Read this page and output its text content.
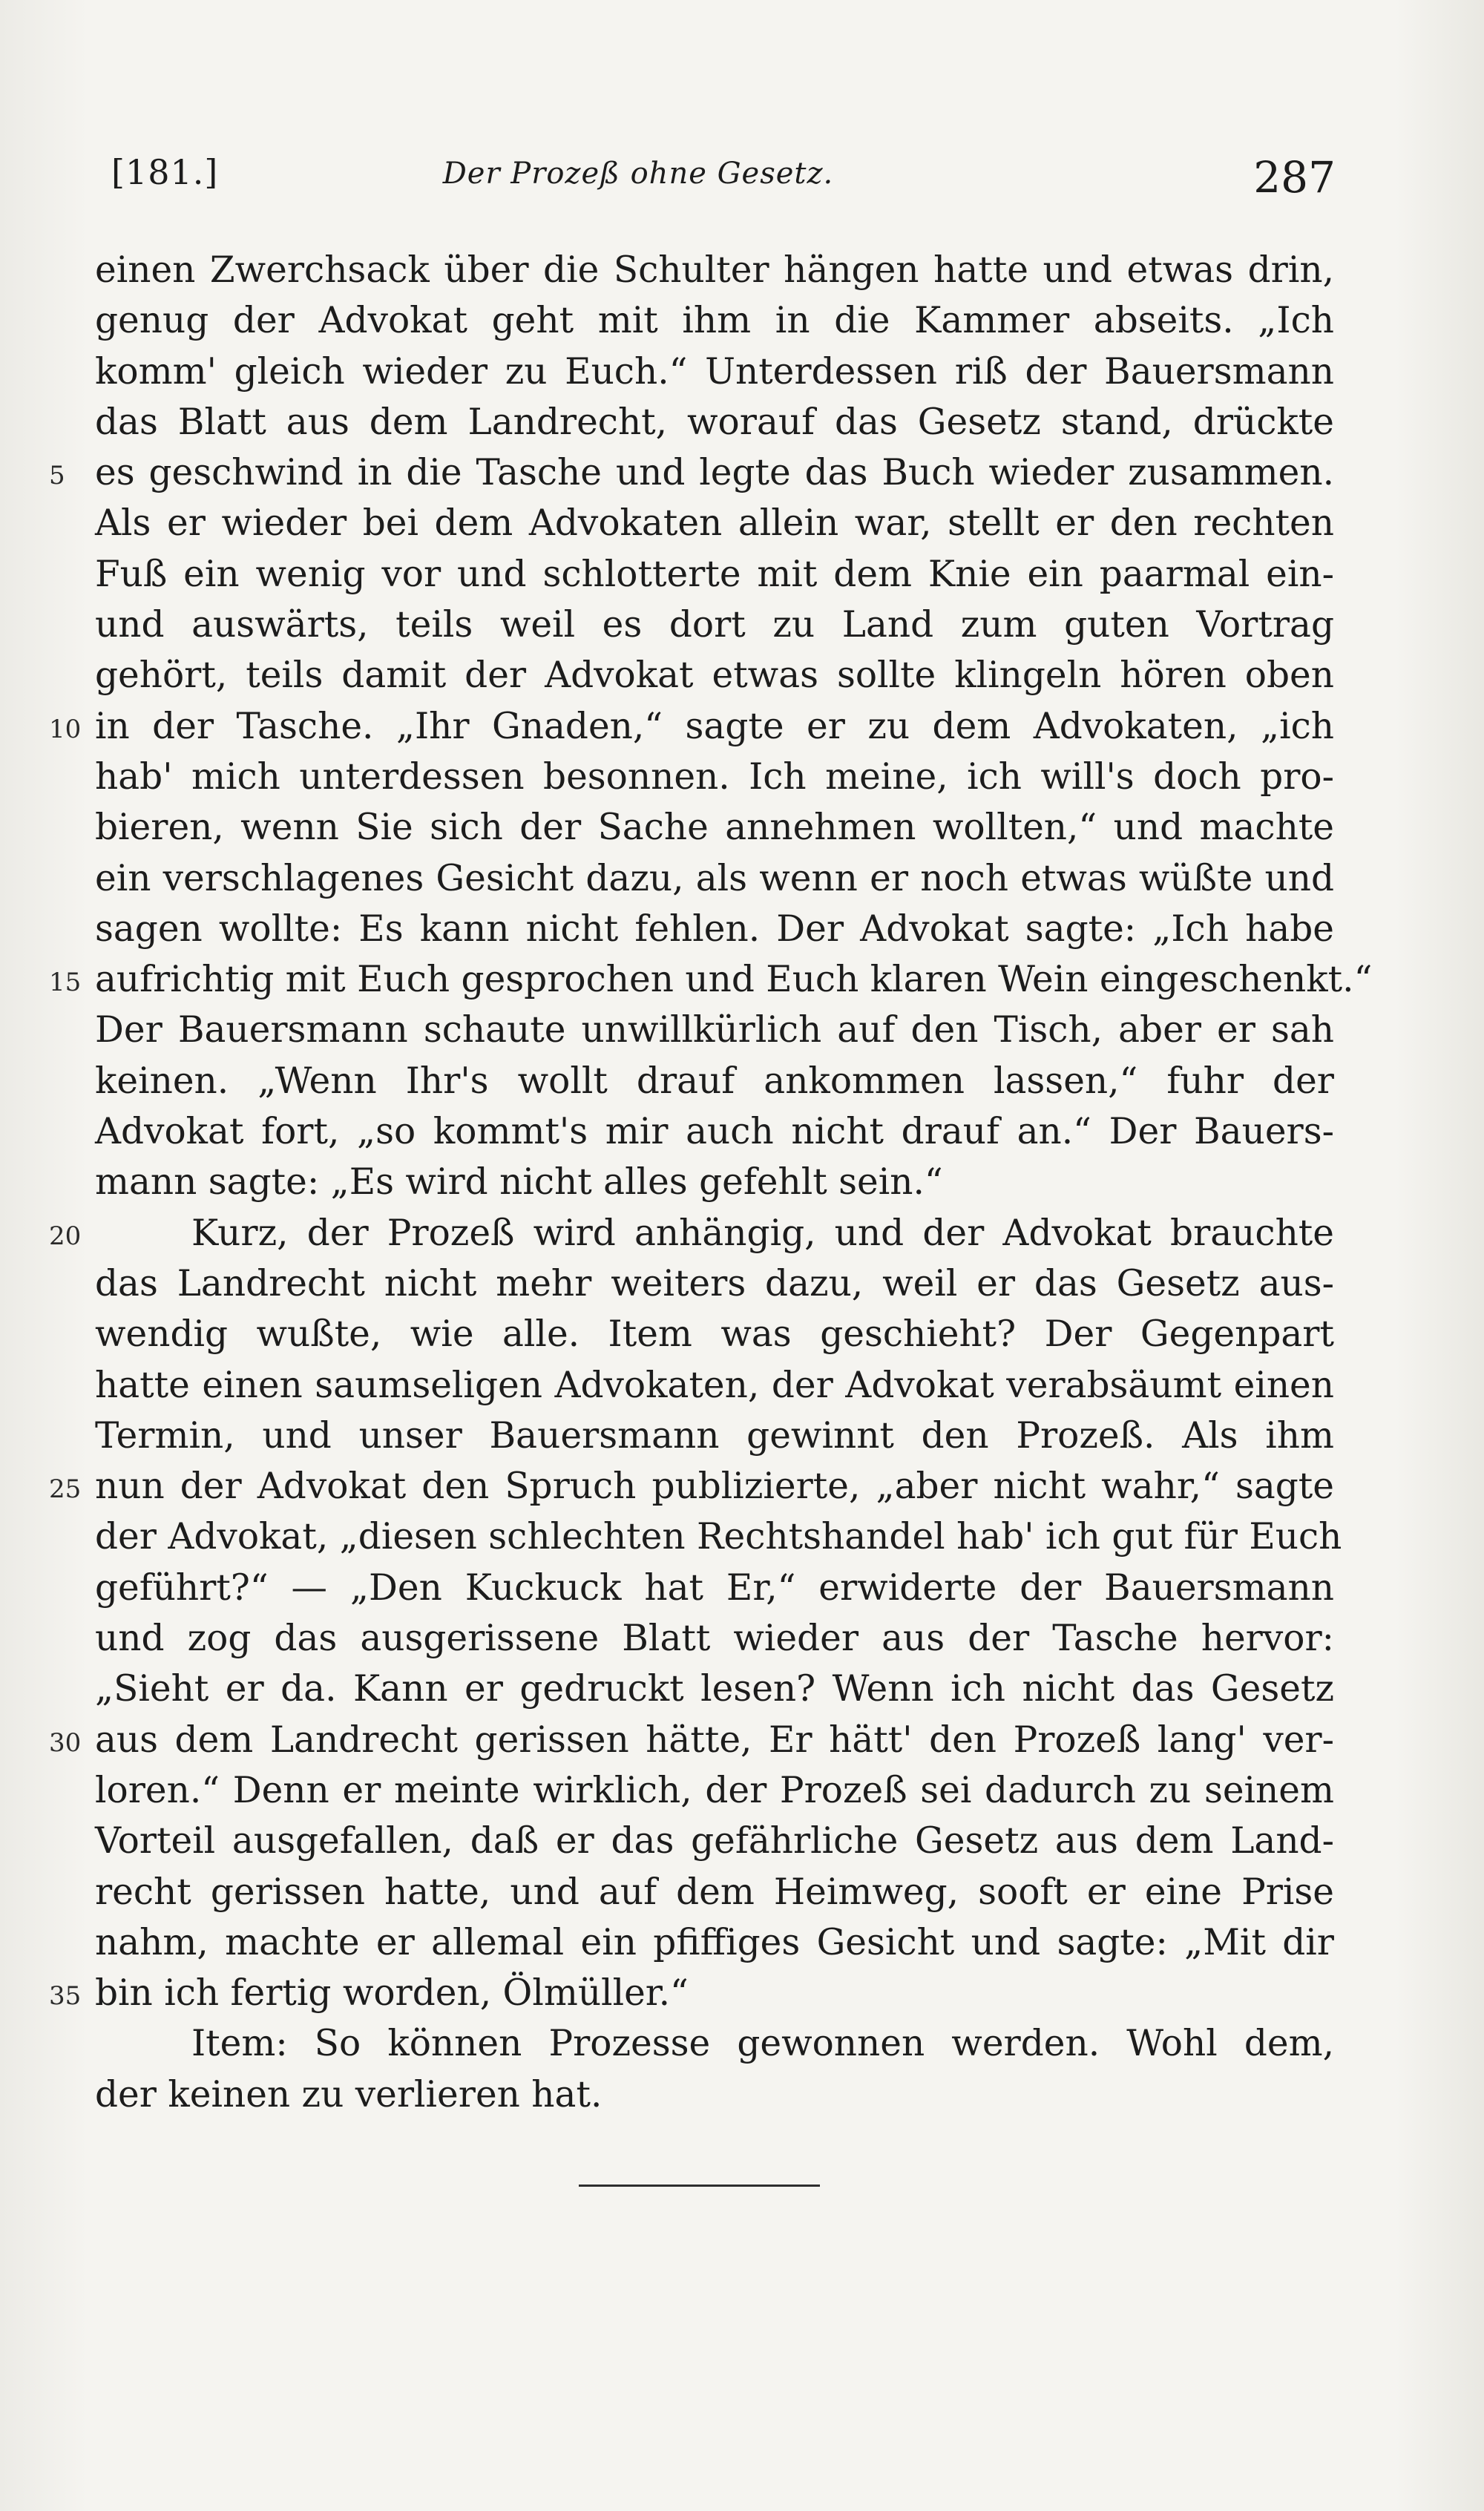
[181.]	Der Prozeß ohne Gesetz.	287
einen Zwerchsack über die Schulter hängen hatte und etwas drin,
genug der Advokat geht mit ihm in die Kammer abseits. „Ich
komm' gleich wieder zu Euch.“ Unterdessen riß der Bauersmann
das Blatt aus dem Landrecht, worauf das Gesetz stand, drückte
5 es geschwind in die Tasche und legte das Buch wieder zusammen.
Als er wieder bei dem Advokaten allein war, stellt er den rechten
Fuß ein wenig vor und schlotterte mit dem Knie ein paarmal ein-
und auswärts, teils weil es dort zu Land zum guten Vortrag
gehört, teils damit der Advokat etwas sollte klingeln hören oben
10 in der Tasche. „Ihr Gnaden,“ sagte er zu dem Advokaten, „ich
hab' mich unterdessen besonnen. Ich meine, ich will's doch pro-
bieren, wenn Sie sich der Sache annehmen wollten,“ und machte
ein verschlagenes Gesicht dazu, als wenn er noch etwas wüßte und
sagen wollte: Es kann nicht fehlen. Der Advokat sagte: „Ich habe
15 aufrichtig mit Euch gesprochen und Euch klaren Wein eingeschenkt.“
Der Bauersmann schaute unwillkürlich auf den Tisch, aber er sah
keinen. „Wenn Ihr's wollt drauf ankommen lassen,“ fuhr der
Advokat fort, „so kommt's mir auch nicht drauf an.“ Der Bauers-
mann sagte: „Es wird nicht alles gefehlt sein.“
20	Kurz, der Prozeß wird anhängig, und der Advokat brauchte
das Landrecht nicht mehr weiters dazu, weil er das Gesetz aus-
wendig wußte, wie alle. Item was geschieht? Der Gegenpart
hatte einen saumseligen Advokaten, der Advokat verabsäumt einen
Termin, und unser Bauersmann gewinnt den Prozeß. Als ihm
25 nun der Advokat den Spruch publizierte, „aber nicht wahr,“ sagte
der Advokat, „diesen schlechten Rechtshandel hab' ich gut für Euch
geführt?“ — „Den Kuckuck hat Er,“ erwiderte der Bauersmann
und zog das ausgerissene Blatt wieder aus der Tasche hervor:
„Sieht er da. Kann er gedruckt lesen? Wenn ich nicht das Gesetz
30 aus dem Landrecht gerissen hätte, Er hätt' den Prozeß lang' ver-
loren.“ Denn er meinte wirklich, der Prozeß sei dadurch zu seinem
Vorteil ausgefallen, daß er das gefährliche Gesetz aus dem Land-
recht gerissen hatte, und auf dem Heimweg, sooft er eine Prise
nahm, machte er allemal ein pfiffiges Gesicht und sagte: „Mit dir
35 bin ich fertig worden, Ölmüller.“
Item: So können Prozesse gewonnen werden. Wohl dem,
der keinen zu verlieren hat.
